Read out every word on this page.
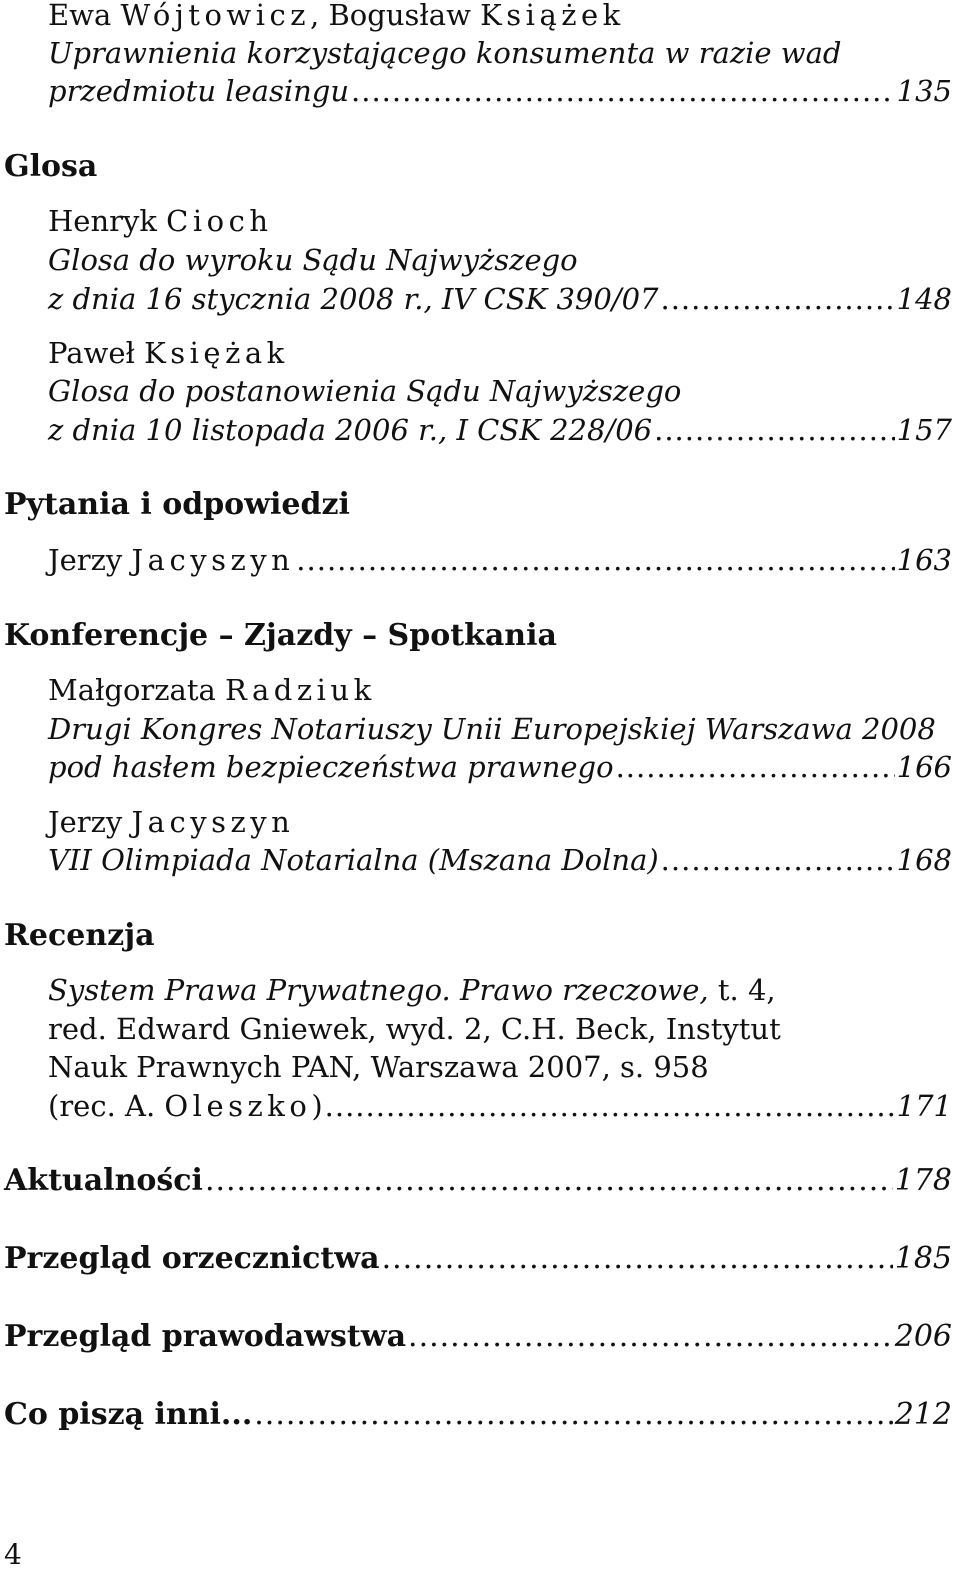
Ewa Wójtowicz, Bogusław Książek
Uprawnienia korzystającego konsumenta w razie wad
przedmiotu leasingu .....	135
Glosa
Henryk Cioch
Glosa do wyroku Sądu Najwyższego
z dnia 16 stycznia 2008 r., IV CSK 390/07 .....	148
Paweł Księżak
Glosa do postanowienia Sądu Najwyższego
z dnia 10 listopada 2006 r., I CSK 228/06 .....	157
Pytania i odpowiedzi
Jerzy Jacyszyn .....	163
Konferencje – Zjazdy – Spotkania
Małgorzata Radziuk
Drugi Kongres Notariuszy Unii Europejskiej Warszawa 2008
pod hasłem bezpieczeństwa prawnego .....	166
Jerzy Jacyszyn
VII Olimpiada Notarialna (Mszana Dolna) .....	168
Recenzja
System Prawa Prywatnego. Prawo rzeczowe, t. 4,
red. Edward Gniewek, wyd. 2, C.H. Beck, Instytut
Nauk Prawnych PAN, Warszawa 2007, s. 958
(rec. A. Oleszko) .....	171
Aktualności .....	178
Przegląd orzecznictwa .....	185
Przegląd prawodawstwa .....	206
Co piszą inni... .....	212
4
